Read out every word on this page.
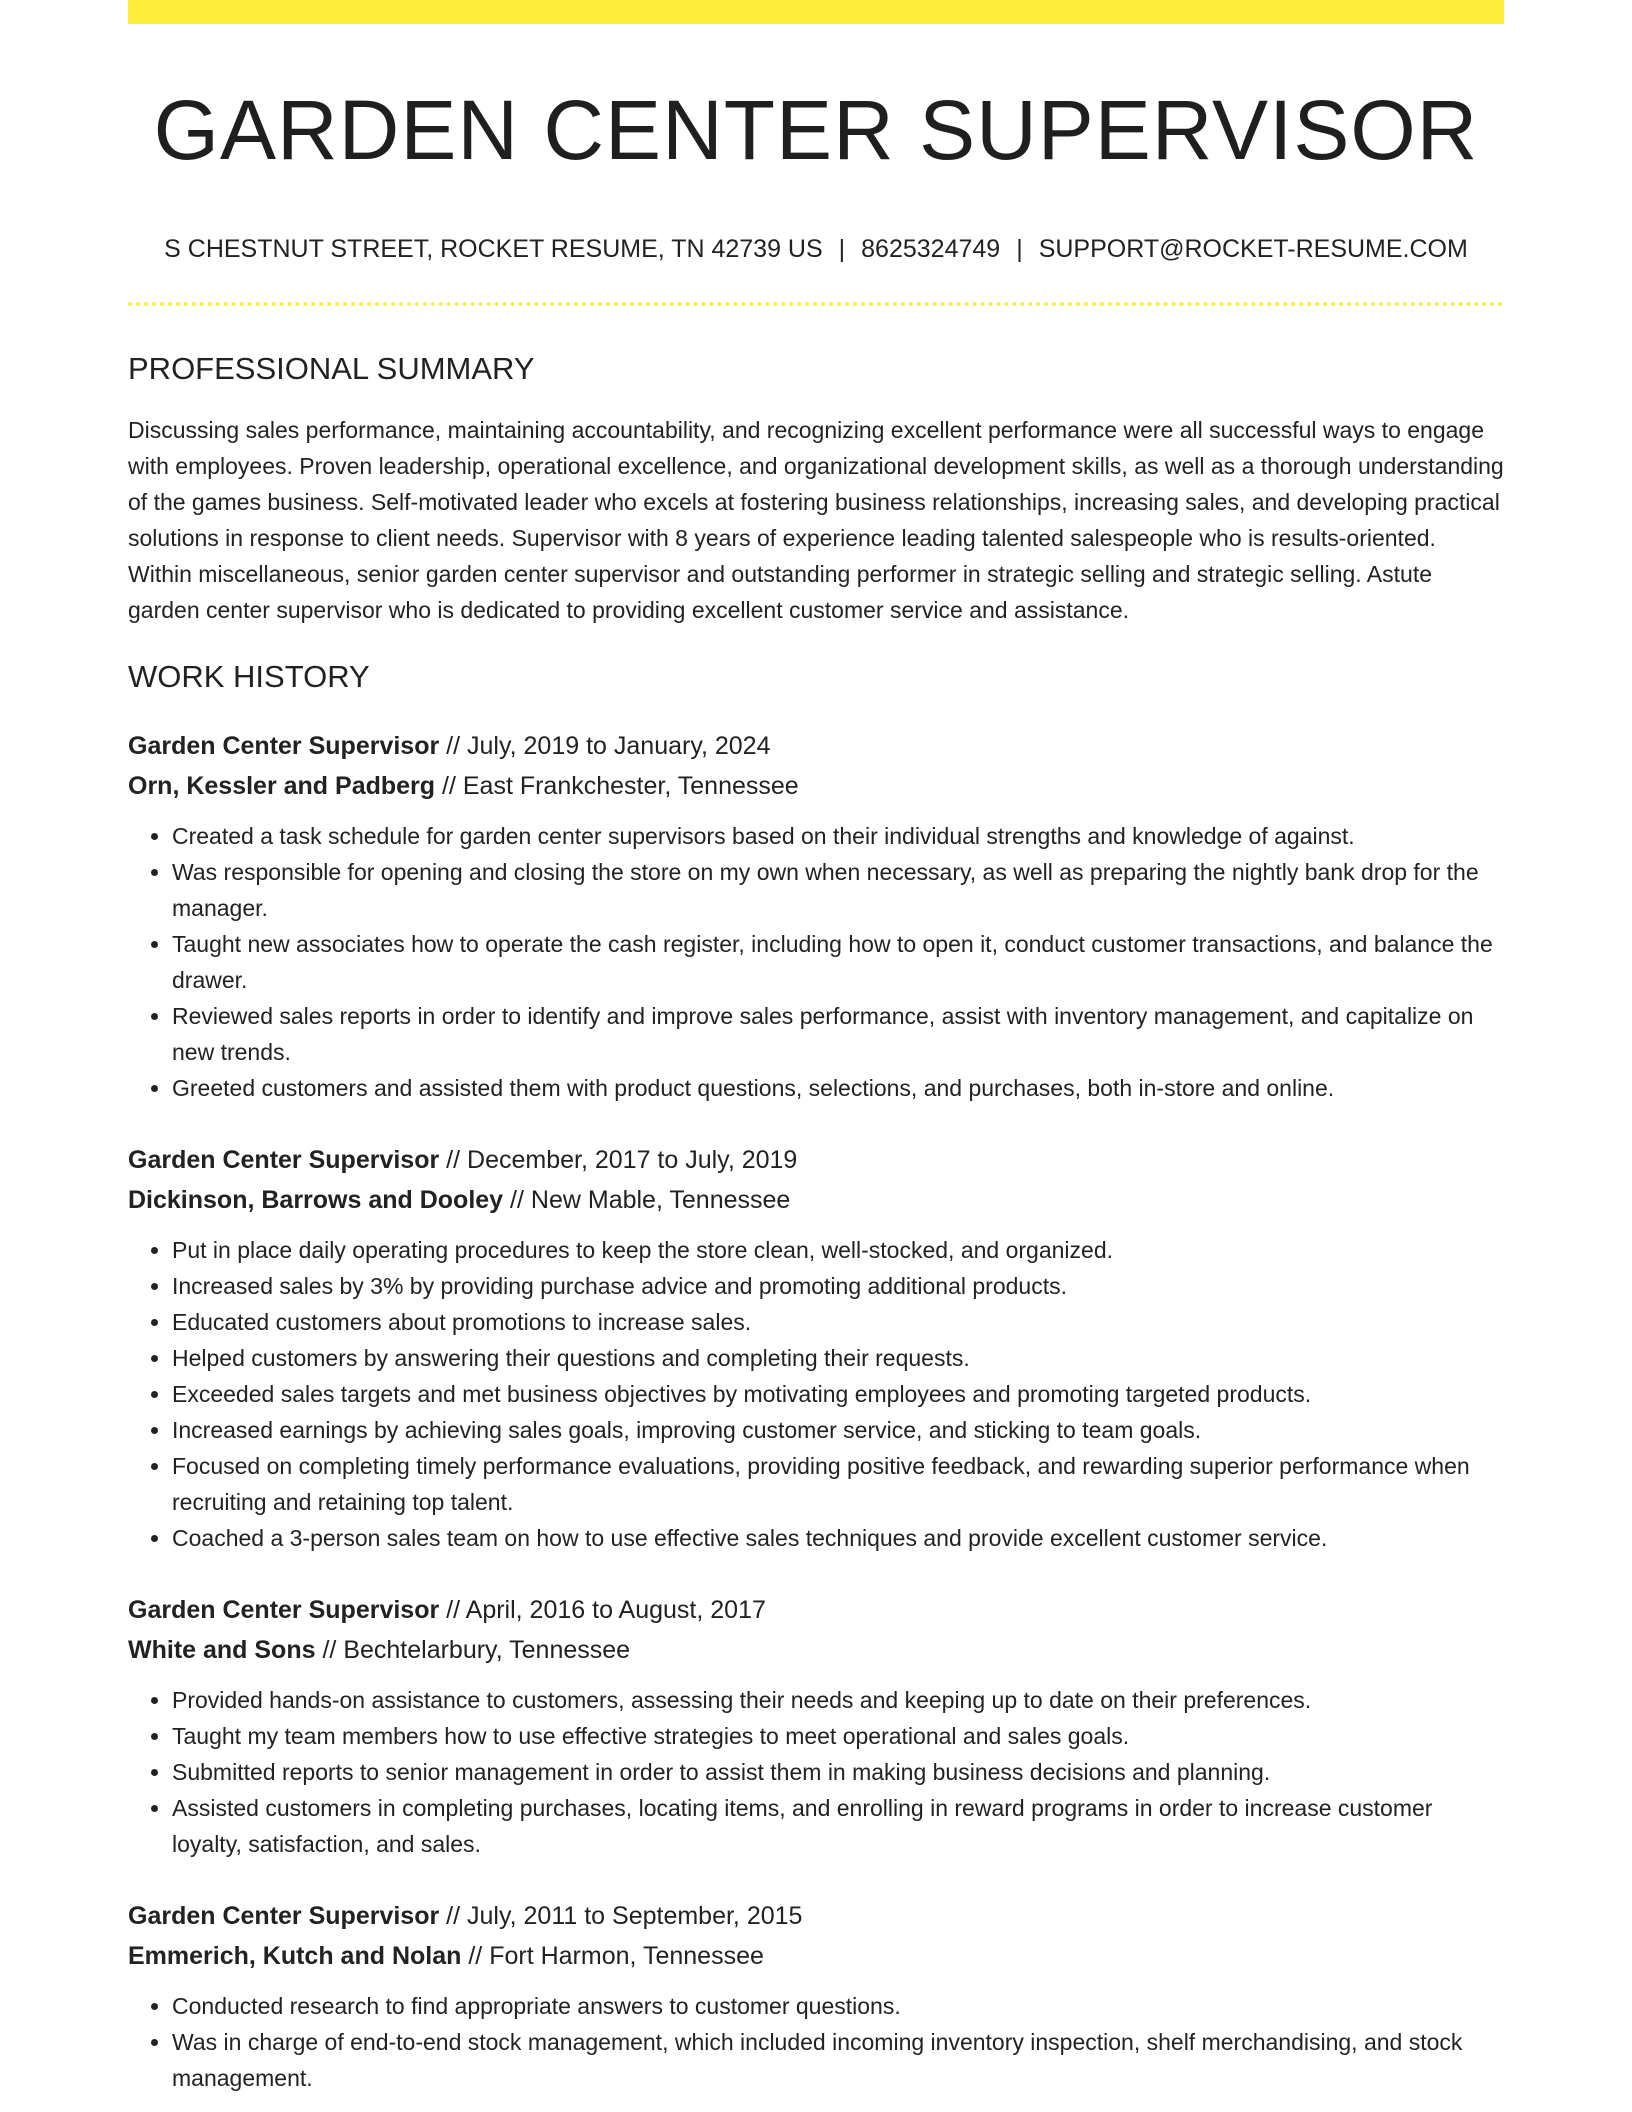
GARDEN CENTER SUPERVISOR
S CHESTNUT STREET, ROCKET RESUME, TN 42739 US | 8625324749 | SUPPORT@ROCKET-RESUME.COM
PROFESSIONAL SUMMARY

Discussing sales performance, maintaining accountability, and recognizing excellent performance were all successful ways to engage with employees. Proven leadership, operational excellence, and organizational development skills, as well as a thorough understanding of the games business. Self-motivated leader who excels at fostering business relationships, increasing sales, and developing practical solutions in response to client needs. Supervisor with 8 years of experience leading talented salespeople who is results-oriented. Within miscellaneous, senior garden center supervisor and outstanding performer in strategic selling and strategic selling. Astute garden center supervisor who is dedicated to providing excellent customer service and assistance.

WORK HISTORY
Garden Center Supervisor // July, 2019 to January, 2024
Orn, Kessler and Padberg // East Frankchester, Tennessee
• Created a task schedule for garden center supervisors based on their individual strengths and knowledge of against.
• Was responsible for opening and closing the store on my own when necessary, as well as preparing the nightly bank drop for the manager.
• Taught new associates how to operate the cash register, including how to open it, conduct customer transactions, and balance the drawer.
• Reviewed sales reports in order to identify and improve sales performance, assist with inventory management, and capitalize on new trends.
• Greeted customers and assisted them with product questions, selections, and purchases, both in-store and online.
Garden Center Supervisor // December, 2017 to July, 2019
Dickinson, Barrows and Dooley // New Mable, Tennessee
• Put in place daily operating procedures to keep the store clean, well-stocked, and organized.
• Increased sales by 3% by providing purchase advice and promoting additional products.
• Educated customers about promotions to increase sales.
• Helped customers by answering their questions and completing their requests.
• Exceeded sales targets and met business objectives by motivating employees and promoting targeted products.
• Increased earnings by achieving sales goals, improving customer service, and sticking to team goals.
• Focused on completing timely performance evaluations, providing positive feedback, and rewarding superior performance when recruiting and retaining top talent.
• Coached a 3-person sales team on how to use effective sales techniques and provide excellent customer service.
Garden Center Supervisor // April, 2016 to August, 2017
White and Sons // Bechtelarbury, Tennessee
• Provided hands-on assistance to customers, assessing their needs and keeping up to date on their preferences.
• Taught my team members how to use effective strategies to meet operational and sales goals.
• Submitted reports to senior management in order to assist them in making business decisions and planning.
• Assisted customers in completing purchases, locating items, and enrolling in reward programs in order to increase customer loyalty, satisfaction, and sales.
Garden Center Supervisor // July, 2011 to September, 2015
Emmerich, Kutch and Nolan // Fort Harmon, Tennessee
• Conducted research to find appropriate answers to customer questions.
• Was in charge of end-to-end stock management, which included incoming inventory inspection, shelf merchandising, and stock management.
